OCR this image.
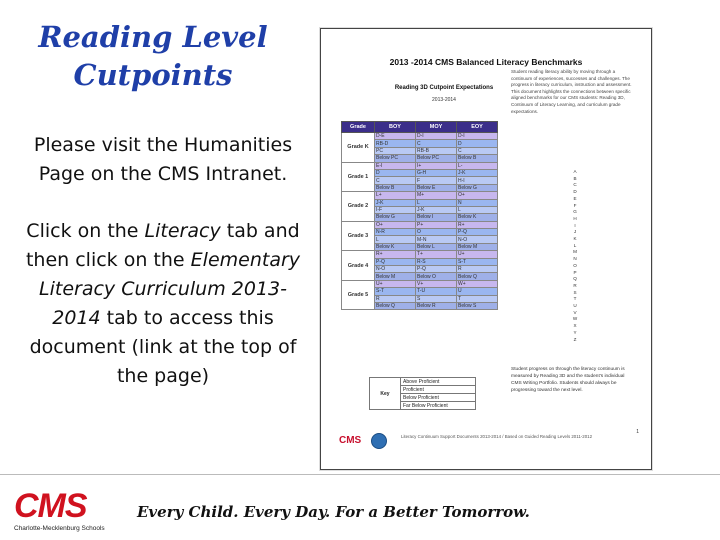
Reading Level
Cutpoints
Please visit the Humanities Page on the CMS Intranet.
Click on the Literacy tab and then click on the Elementary Literacy Curriculum 2013-2014 tab to access this document (link at the top of the page)
2013 -2014 CMS Balanced Literacy Benchmarks
Reading 3D Cutpoint Expectations
2013-2014
Student reading literacy ability by moving through a continuum of experiences, successes and challenges. The progress in literacy curriculum, instruction and assessment. This document highlights the connections between specific aligned benchmarks for our CMS students: Reading 3D, Continuum of Literacy Learning, and curriculum grade expectations.
Grade	BOY	MOY	EOY
Grade K	D-E	D-I	D-I
	RB-D	C	D
	PC	RB-B	C
	Below PC	Below PC	Below B
Grade 1	E-I	I+	L-
	D	G-H	J-K
	C	F	H-I
	Below B	Below E	Below G
Grade 2	L+	M+	O+
	J-K	L	N
	I-F	J-K	L
	Below G	Below I	Below K
Grade 3	O+	P+	R+
	N-R	O	P-Q
	L	M-N	N-O
	Below K	Below L	Below M
Grade 4	R+	T+	U+
	P-Q	R-S	S-T
	N-O	P-Q	R
	Below M	Below O	Below Q
Grade 5	U+	V+	W+
	S-T	T-U	U
	R	S	T
	Below Q	Below R	Below S
A
B
C
D
E
F
G
H
I
J
K
L
M
N
O
P
Q
R
S
T
U
V
W
X
Y
Z
Key	Above Proficient
Proficient
Below Proficient
Far Below Proficient
Student progress on through the literacy continuum is measured by Reading 3D and the student's individual CMS Writing Portfolio. Students should always be progressing toward the next level.
CMS	Literacy Continuum Support Documents 2013-2014 / Based on Guided Reading Levels 2011-2012
1
CMS
Charlotte-Mecklenburg Schools
Every Child. Every Day. For a Better Tomorrow.
